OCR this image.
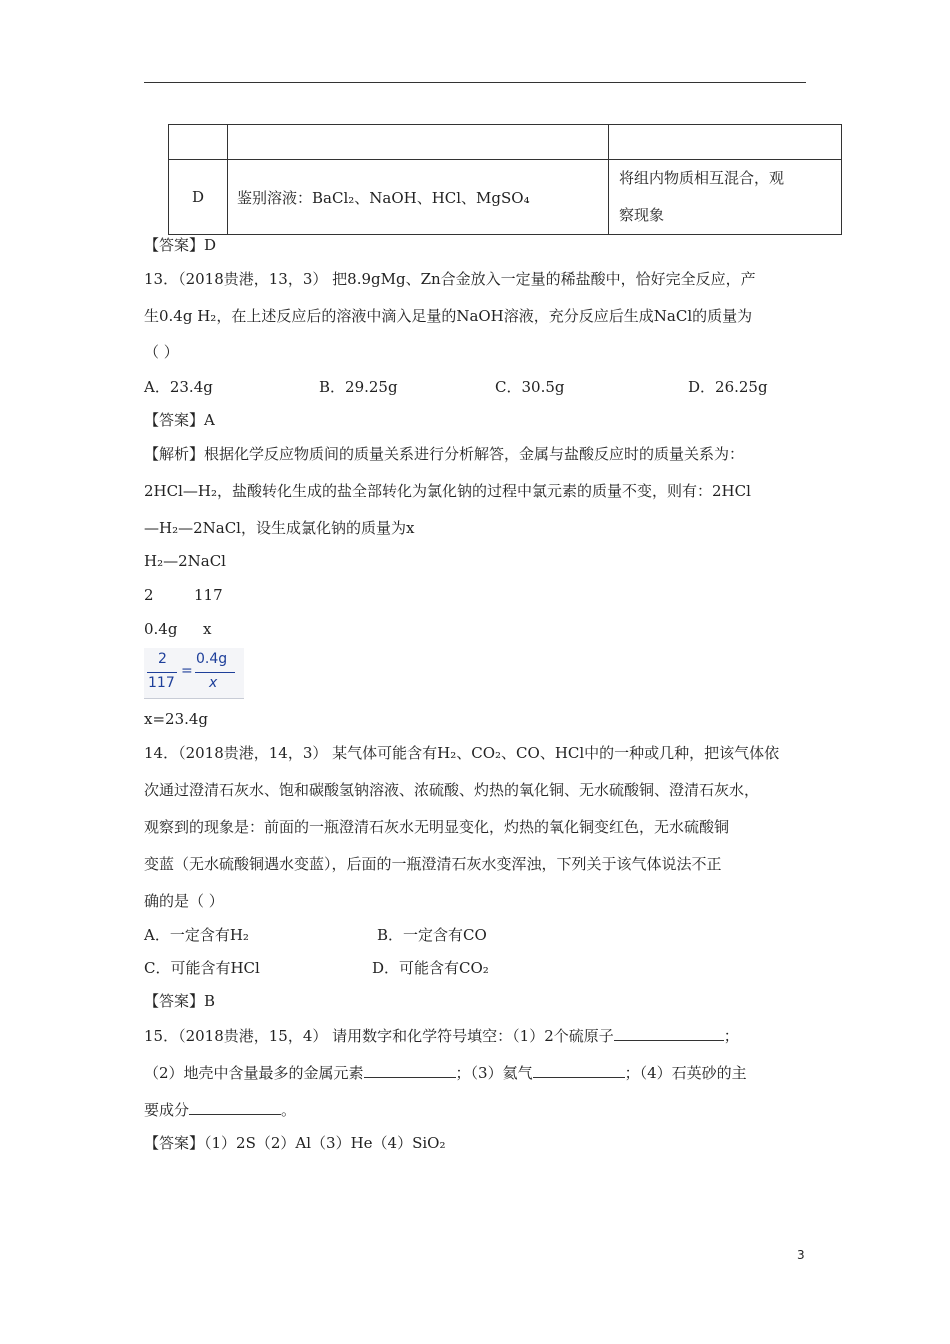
D	鉴别溶液：BaCl₂、NaOH、HCl、MgSO₄	将组内物质相互混合，观
察现象
【答案】D
13．（2018贵港，13，3） 把8.9gMg、Zn合金放入一定量的稀盐酸中，恰好完全反应，产
生0.4g H₂，在上述反应后的溶液中滴入足量的NaOH溶液，充分反应后生成NaCl的质量为
（ ）
A．23.4g	B．29.25g	C．30.5g	D．26.25g
【答案】A
【解析】根据化学反应物质间的质量关系进行分析解答，金属与盐酸反应时的质量关系为：
2HCl—H₂，盐酸转化生成的盐全部转化为氯化钠的过程中氯元素的质量不变，则有：2HCl
—H₂—2NaCl，设生成氯化钠的质量为x
H₂—2NaCl
2	117
0.4g x
2
117
=
0.4g
x
x=23.4g
14．（2018贵港，14，3） 某气体可能含有H₂、CO₂、CO、HCl中的一种或几种，把该气体依
次通过澄清石灰水、饱和碳酸氢钠溶液、浓硫酸、灼热的氧化铜、无水硫酸铜、澄清石灰水，
观察到的现象是：前面的一瓶澄清石灰水无明显变化，灼热的氧化铜变红色，无水硫酸铜
变蓝（无水硫酸铜遇水变蓝），后面的一瓶澄清石灰水变浑浊，下列关于该气体说法不正
确的是（ ）
A．一定含有H₂	B．一定含有CO
C．可能含有HCl	D．可能含有CO₂
【答案】B
15．（2018贵港，15，4） 请用数字和化学符号填空：（1）2个硫原子	；
（2）地壳中含量最多的金属元素	；（3）氦气	；（4）石英砂的主
要成分	。
【答案】（1）2S（2）Al（3）He（4）SiO₂
3
